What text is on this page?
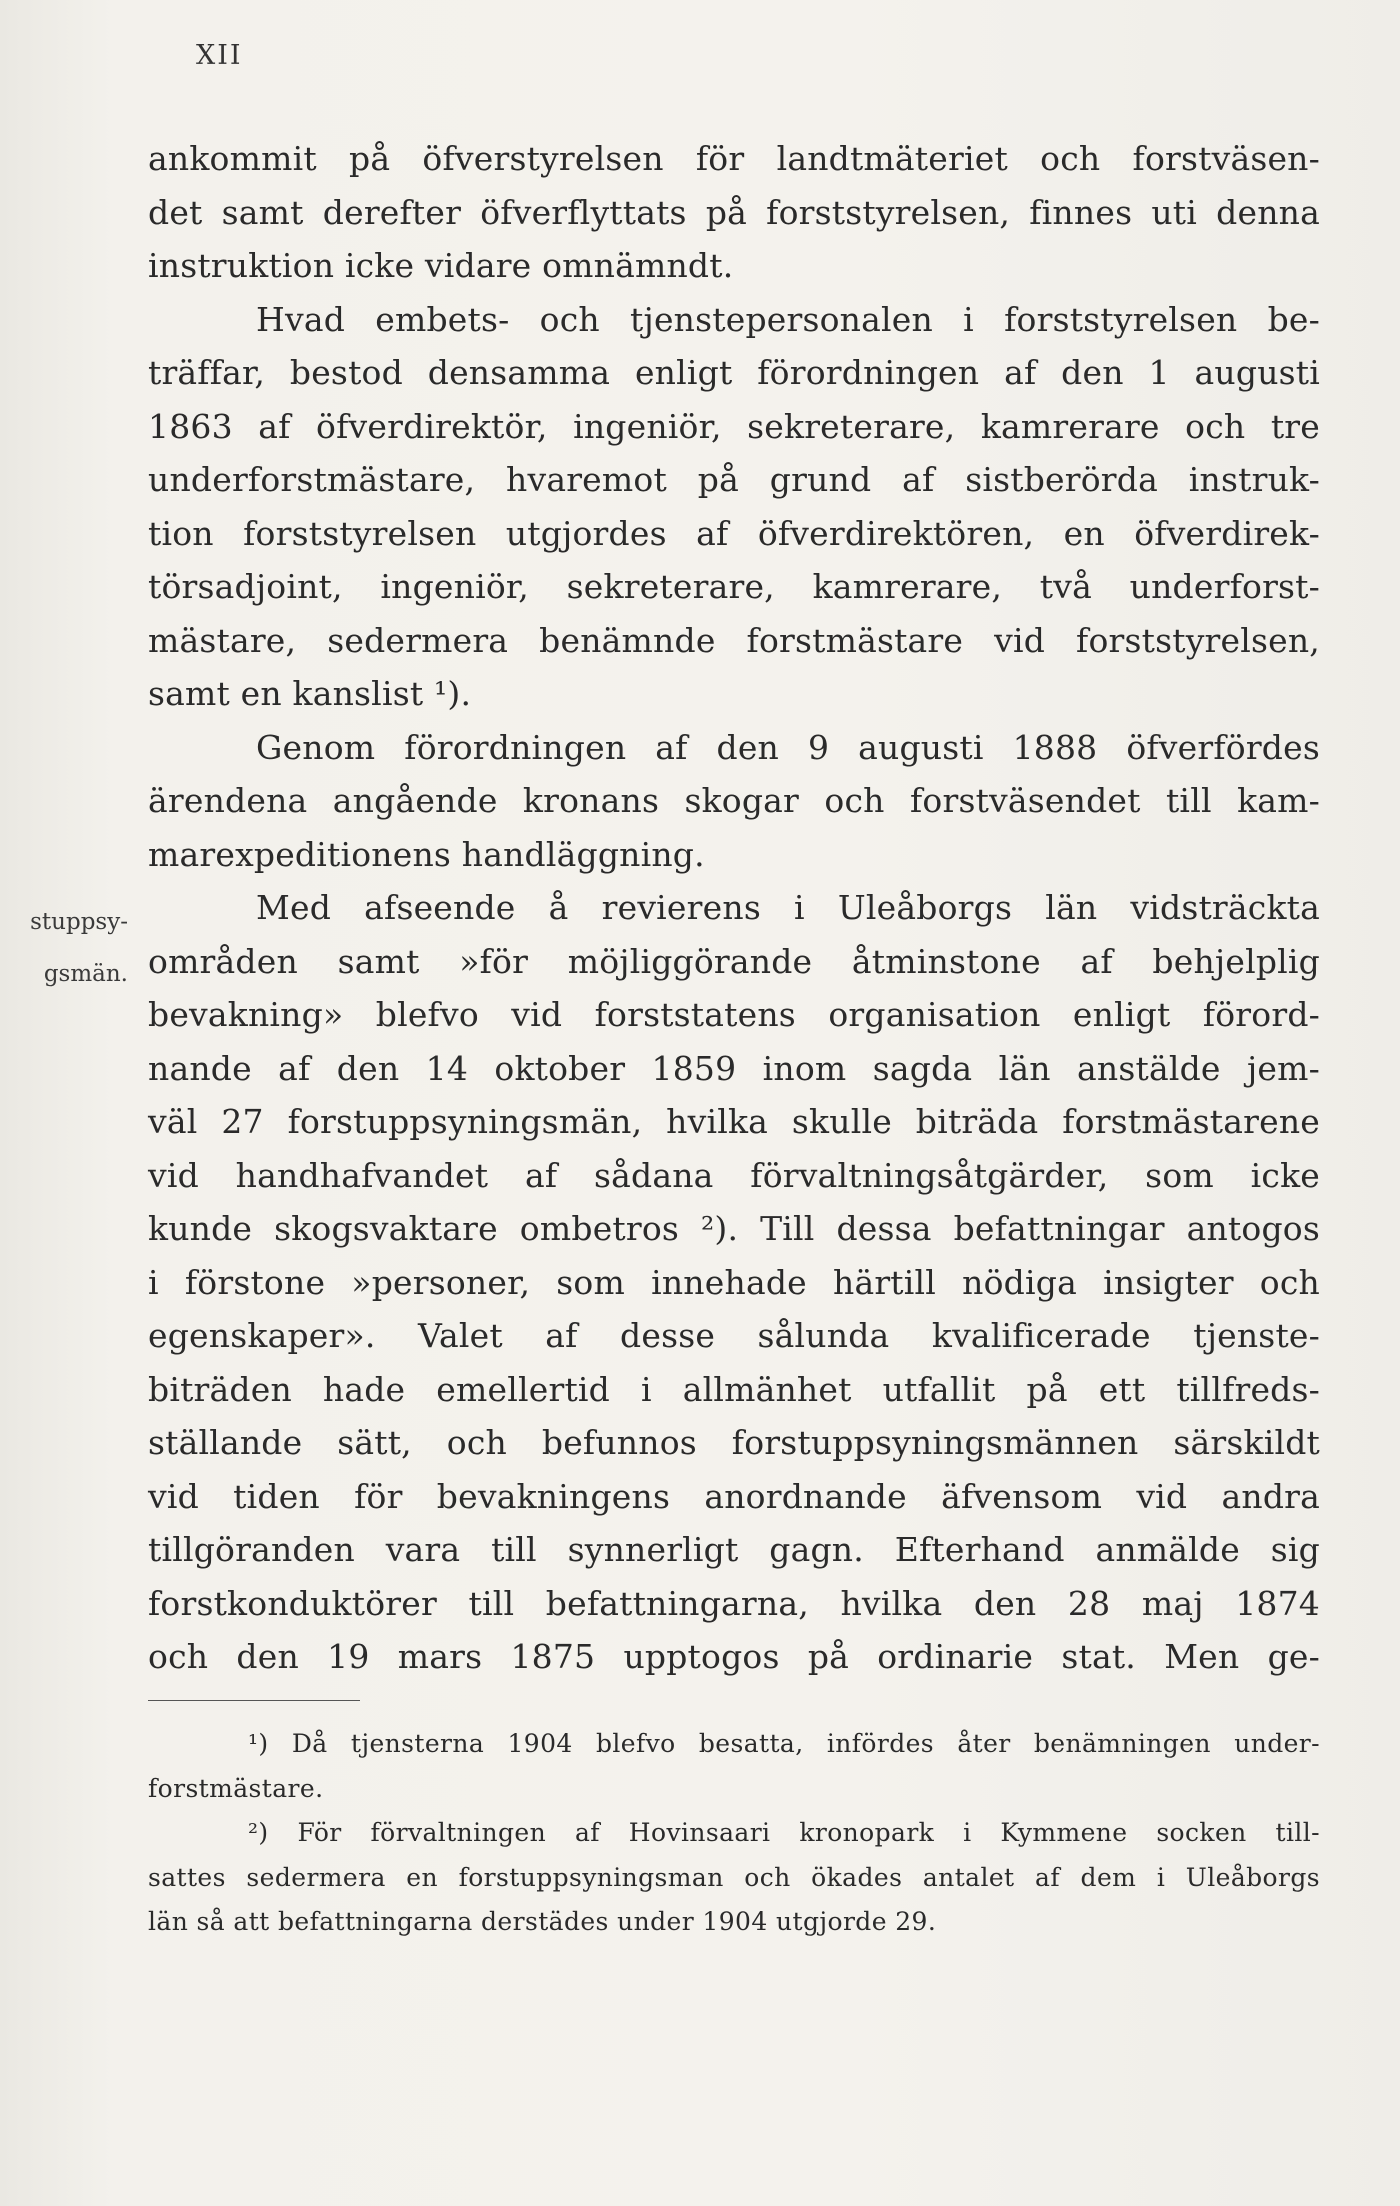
XII
stuppsy-
gsmän.
ankommit på öfverstyrelsen för landtmäteriet och forstväsen-
det samt derefter öfverflyttats på forststyrelsen, finnes uti denna
instruktion icke vidare omnämndt.
Hvad embets- och tjenstepersonalen i forststyrelsen be-
träffar, bestod densamma enligt förordningen af den 1 augusti
1863 af öfverdirektör, ingeniör, sekreterare, kamrerare och tre
underforstmästare, hvaremot på grund af sistberörda instruk-
tion forststyrelsen utgjordes af öfverdirektören, en öfverdirek-
törsadjoint, ingeniör, sekreterare, kamrerare, två underforst-
mästare, sedermera benämnde forstmästare vid forststyrelsen,
samt en kanslist ¹).
Genom förordningen af den 9 augusti 1888 öfverfördes
ärendena angående kronans skogar och forstväsendet till kam-
marexpeditionens handläggning.
Med afseende å revierens i Uleåborgs län vidsträckta
områden samt »för möjliggörande åtminstone af behjelplig
bevakning» blefvo vid forststatens organisation enligt förord-
nande af den 14 oktober 1859 inom sagda län anstälde jem-
väl 27 forstuppsyningsmän, hvilka skulle biträda forstmästarene
vid handhafvandet af sådana förvaltningsåtgärder, som icke
kunde skogsvaktare ombetros ²). Till dessa befattningar antogos
i förstone »personer, som innehade härtill nödiga insigter och
egenskaper». Valet af desse sålunda kvalificerade tjenste-
biträden hade emellertid i allmänhet utfallit på ett tillfreds-
ställande sätt, och befunnos forstuppsyningsmännen särskildt
vid tiden för bevakningens anordnande äfvensom vid andra
tillgöranden vara till synnerligt gagn. Efterhand anmälde sig
forstkonduktörer till befattningarna, hvilka den 28 maj 1874
och den 19 mars 1875 upptogos på ordinarie stat. Men ge-
¹) Då tjensterna 1904 blefvo besatta, infördes åter benämningen under-
forstmästare.
²) För förvaltningen af Hovinsaari kronopark i Kymmene socken till-
sattes sedermera en forstuppsyningsman och ökades antalet af dem i Uleåborgs
län så att befattningarna derstädes under 1904 utgjorde 29.
